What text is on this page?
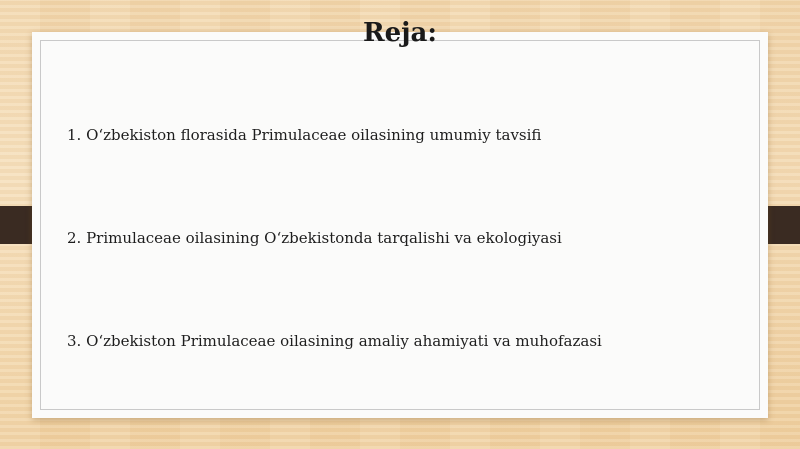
Reja:
1. O‘zbekiston florasida Primulaceae oilasining umumiy tavsifi
2. Primulaceae oilasining O‘zbekistonda tarqalishi va ekologiyasi
3. O‘zbekiston Primulaceae oilasining amaliy ahamiyati va muhofazasi
